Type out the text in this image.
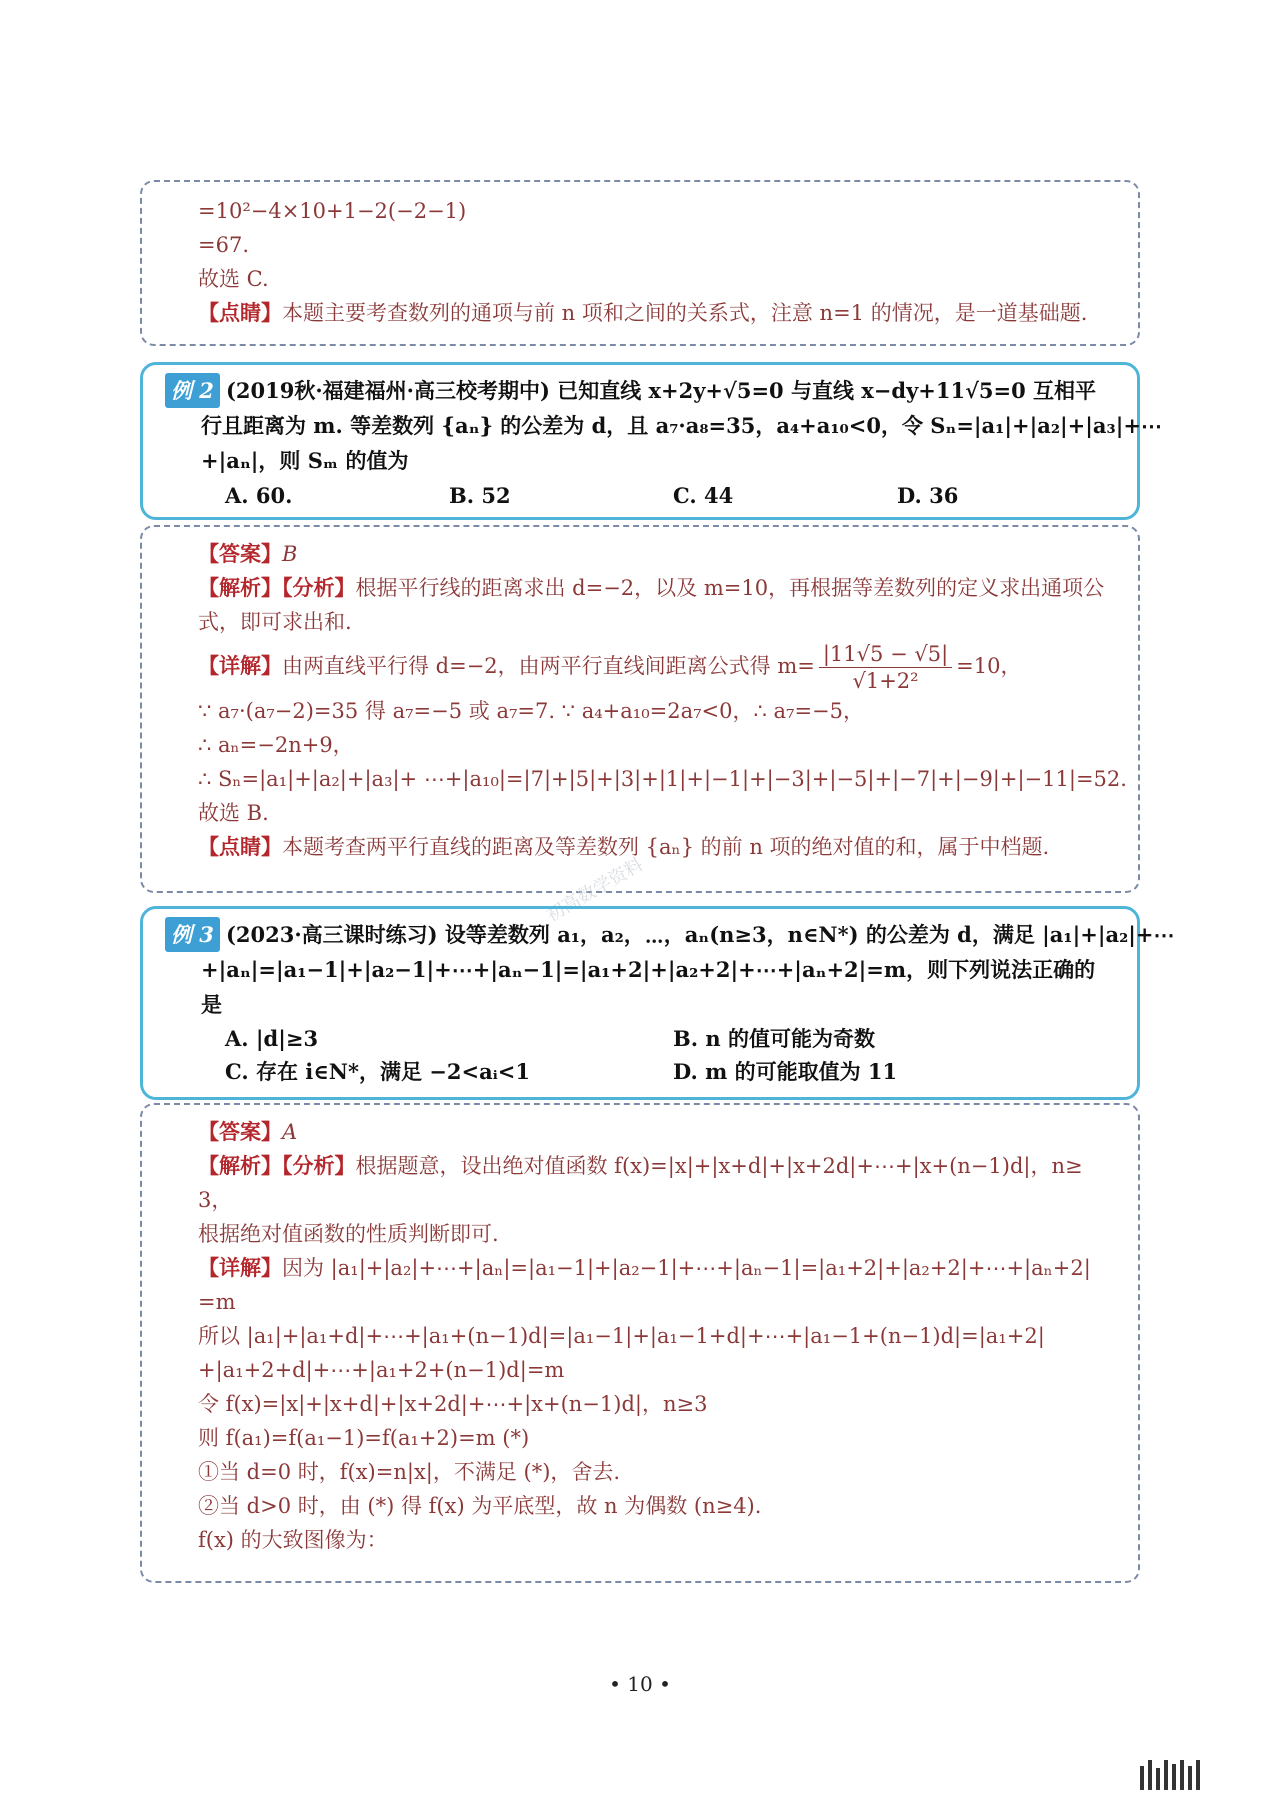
=10²−4×10+1−2(−2−1)
=67.
故选 C.
【点睛】本题主要考查数列的通项与前 n 项和之间的关系式，注意 n=1 的情况，是一道基础题.
例 2 (2019秋·福建福州·高三校考期中) 已知直线 x+2y+√5=0 与直线 x−dy+11√5=0 互相平
行且距离为 m. 等差数列 {aₙ} 的公差为 d，且 a₇·a₈=35，a₄+a₁₀<0，令 Sₙ=|a₁|+|a₂|+|a₃|+⋯
+|aₙ|，则 Sₘ 的值为
A. 60.	B. 52	C. 44	D. 36
【答案】B
【解析】【分析】根据平行线的距离求出 d=−2，以及 m=10，再根据等差数列的定义求出通项公
式，即可求出和.
【详解】由两直线平行得 d=−2，由两平行直线间距离公式得 $m= \frac{|11√5 - √5|}{\text{√1+2²}} =10$，
∵ a₇·(a₇−2)=35 得 a₇=−5 或 a₇=7. ∵ a₄+a₁₀=2a₇<0，∴ a₇=−5，
∴ aₙ=−2n+9，
∴ Sₙ=|a₁|+|a₂|+|a₃|+ ⋯+|a₁₀|=|7|+|5|+|3|+|1|+|−1|+|−3|+|−5|+|−7|+|−9|+|−11|=52.
故选 B.
【点睛】本题考查两平行直线的距离及等差数列 {aₙ} 的前 n 项的绝对值的和，属于中档题.
初高数学资料
例 3 (2023·高三课时练习) 设等差数列 a₁，a₂，⋯，aₙ(n≥3，n∈N*) 的公差为 d，满足 |a₁|+|a₂|+⋯
+|aₙ|=|a₁−1|+|a₂−1|+⋯+|aₙ−1|=|a₁+2|+|a₂+2|+⋯+|aₙ+2|=m，则下列说法正确的
是
A. |d|≥3	B. n 的值可能为奇数
C. 存在 i∈N*，满足 −2<aᵢ<1	D. m 的可能取值为 11
【答案】A
【解析】【分析】根据题意，设出绝对值函数 f(x)=|x|+|x+d|+|x+2d|+⋯+|x+(n−1)d|，n≥
3，
根据绝对值函数的性质判断即可.
【详解】因为 |a₁|+|a₂|+⋯+|aₙ|=|a₁−1|+|a₂−1|+⋯+|aₙ−1|=|a₁+2|+|a₂+2|+⋯+|aₙ+2|
=m
所以 |a₁|+|a₁+d|+⋯+|a₁+(n−1)d|=|a₁−1|+|a₁−1+d|+⋯+|a₁−1+(n−1)d|=|a₁+2|
+|a₁+2+d|+⋯+|a₁+2+(n−1)d|=m
令 f(x)=|x|+|x+d|+|x+2d|+⋯+|x+(n−1)d|，n≥3
则 f(a₁)=f(a₁−1)=f(a₁+2)=m (*)
①当 d=0 时，f(x)=n|x|，不满足 (*)，舍去.
②当 d>0 时，由 (*) 得 f(x) 为平底型，故 n 为偶数 (n≥4).
f(x) 的大致图像为：
• 10 •
